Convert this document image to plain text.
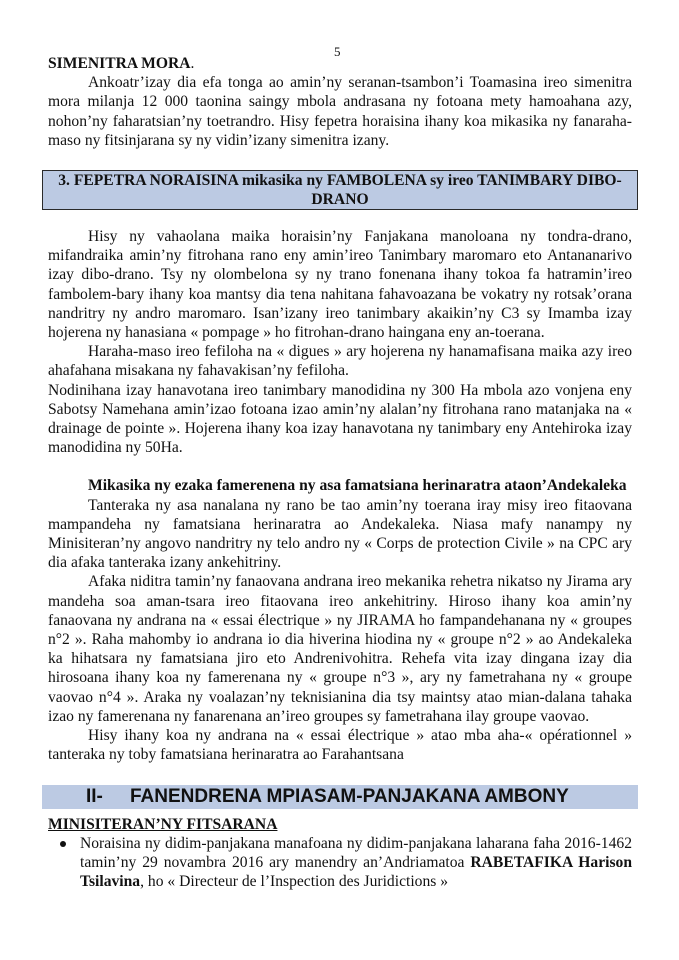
5

SIMENITRA MORA.

Ankoatr’izay dia efa tonga ao amin’ny seranan-tsambon’i Toamasina ireo simenitra mora milanja 12 000 taonina saingy mbola andrasana ny fotoana mety hamoahana azy, nohon’ny faharatsian’ny toetrandro. Hisy fepetra horaisina ihany koa mikasika ny fanaraha-maso ny fitsinjarana sy ny vidin’izany simenitra izany.

3. FEPETRA NORAISINA mikasika ny FAMBOLENA sy ireo TANIMBARY DIBO-DRANO

Hisy ny vahaolana maika horaisin’ny Fanjakana manoloana ny tondra-drano, mifandraika amin’ny fitrohana rano eny amin’ireo Tanimbary maromaro eto Antananarivo izay dibo-drano. Tsy ny olombelona sy ny trano fonenana ihany tokoa fa hatramin’ireo fambolem-bary ihany koa mantsy dia tena nahitana fahavoazana be vokatry ny rotsak’orana nandritry ny andro maromaro. Isan’izany ireo tanimbary akaikin’ny C3 sy Imamba izay hojerena ny hanasiana « pompage » ho fitrohan-drano haingana eny an-toerana.

Haraha-maso ireo fefiloha na « digues » ary hojerena ny hanamafisana maika azy ireo ahafahana misakana ny fahavakisan’ny fefiloha.

Nodinihana izay hanavotana ireo tanimbary manodidina ny 300 Ha mbola azo vonjena eny Sabotsy Namehana amin’izao fotoana izao amin’ny alalan’ny fitrohana rano matanjaka na « drainage de pointe ». Hojerena ihany koa izay hanavotana ny tanimbary eny Antehiroka izay manodidina ny 50Ha.

Mikasika ny ezaka famerenena ny asa famatsiana herinaratra ataon’Andekaleka

Tanteraka ny asa nanalana ny rano be tao amin’ny toerana iray misy ireo fitaovana mampandeha ny famatsiana herinaratra ao Andekaleka. Niasa mafy nanampy ny Minisiteran’ny angovo nandritry ny telo andro ny « Corps de protection Civile » na CPC ary dia afaka tanteraka izany ankehitriny.

Afaka niditra tamin’ny fanaovana andrana ireo mekanika rehetra nikatso ny Jirama ary mandeha soa aman-tsara ireo fitaovana ireo ankehitriny. Hiroso ihany koa amin’ny fanaovana ny andrana na « essai électrique » ny JIRAMA ho fampandehanana ny « groupes n°2 ». Raha mahomby io andrana io dia hiverina hiodina ny « groupe n°2 » ao Andekaleka ka hihatsara ny famatsiana jiro eto Andrenivohitra. Rehefa vita izay dingana izay dia hirosoana ihany koa ny famerenana ny « groupe n°3 », ary ny fametrahana ny « groupe vaovao n°4 ». Araka ny voalazan’ny teknisianina dia tsy maintsy atao mian-dalana tahaka izao ny famerenana ny fanarenana an’ireo groupes sy fametrahana ilay groupe vaovao.

Hisy ihany koa ny andrana na « essai électrique » atao mba aha-« opérationnel » tanteraka ny toby famatsiana herinaratra ao Farahantsana

II- FANENDRENA MPIASAM-PANJAKANA AMBONY

MINISITERAN’NY FITSARANA

Noraisina ny didim-panjakana manafoana ny didim-panjakana laharana faha 2016-1462 tamin’ny 29 novambra 2016 ary manendry an’Andriamatoa RABETAFIKA Harison Tsilavina, ho « Directeur de l’Inspection des Juridictions »
